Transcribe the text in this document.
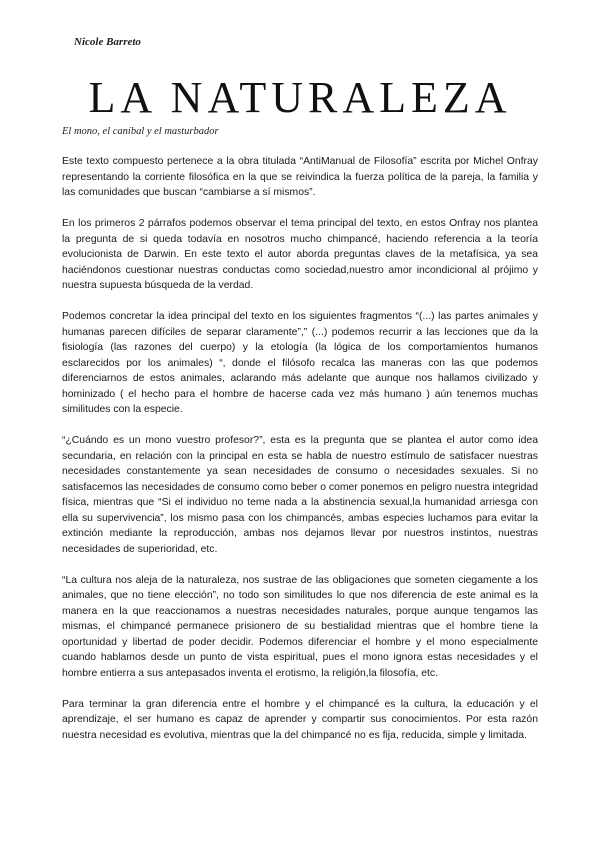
Nicole Barreto
LA NATURALEZA
El mono, el caníbal y el masturbador

Este texto compuesto pertenece a la obra titulada “AntiManual de Filosofía” escrita por Michel Onfray representando la corriente filosófica en la que se reivindica la fuerza política de la pareja, la familia y las comunidades que buscan “cambiarse a sí mismos”.

En los primeros 2 párrafos podemos observar el tema principal del texto, en estos Onfray nos plantea la pregunta de si queda todavía en nosotros mucho chimpancé, haciendo referencia a la teoría evolucionista de Darwin. En este texto el autor aborda preguntas claves de la metafísica, ya sea haciéndonos cuestionar nuestras conductas como sociedad,nuestro amor incondicional al prójimo y nuestra supuesta búsqueda de la verdad.

Podemos concretar la idea principal del texto en los siguientes fragmentos “(...) las partes animales y humanas parecen difíciles de separar claramente”,” (...) podemos recurrir a las lecciones que da la fisiología (las razones del cuerpo) y la etología (la lógica de los comportamientos humanos esclarecidos por los animales) “, donde el filósofo recalca las maneras con las que podemos diferenciarnos de estos animales, aclarando más adelante que aunque nos hallamos civilizado y hominizado ( el hecho para el hombre de hacerse cada vez más humano ) aún tenemos muchas similitudes con la especie.

“¿Cuándo es un mono vuestro profesor?”, esta es la pregunta que se plantea el autor como idea secundaria, en relación con la principal en esta se habla de nuestro estímulo de satisfacer nuestras necesidades constantemente ya sean necesidades de consumo o necesidades sexuales. Si no satisfacemos las necesidades de consumo como beber o comer ponemos en peligro nuestra integridad física, mientras que “Si el individuo no teme nada a la abstinencia sexual,la humanidad arriesga con ella su supervivencia”, los mismo pasa con los chimpancés, ambas especies luchamos para evitar la extinción mediante la reproducción, ambas nos dejamos llevar por nuestros instintos, nuestras necesidades de superioridad, etc.

“La cultura nos aleja de la naturaleza, nos sustrae de las obligaciones que someten ciegamente a los animales, que no tiene elección”, no todo son similitudes lo que nos diferencia de este animal es la manera en la que reaccionamos a nuestras necesidades naturales, porque aunque tengamos las mismas, el chimpancé permanece prisionero de su bestialidad mientras que el hombre tiene la oportunidad y libertad de poder decidir. Podemos diferenciar el hombre y el mono especialmente cuando hablamos desde un punto de vista espiritual, pues el mono ignora estas necesidades y el hombre entierra a sus antepasados inventa el erotismo, la religión,la filosofía, etc.

Para terminar la gran diferencia entre el hombre y el chimpancé es la cultura, la educación y el aprendizaje, el ser humano es capaz de aprender y compartir sus conocimientos. Por esta razón nuestra necesidad es evolutiva, mientras que la del chimpancé no es fija, reducida, simple y limitada.
